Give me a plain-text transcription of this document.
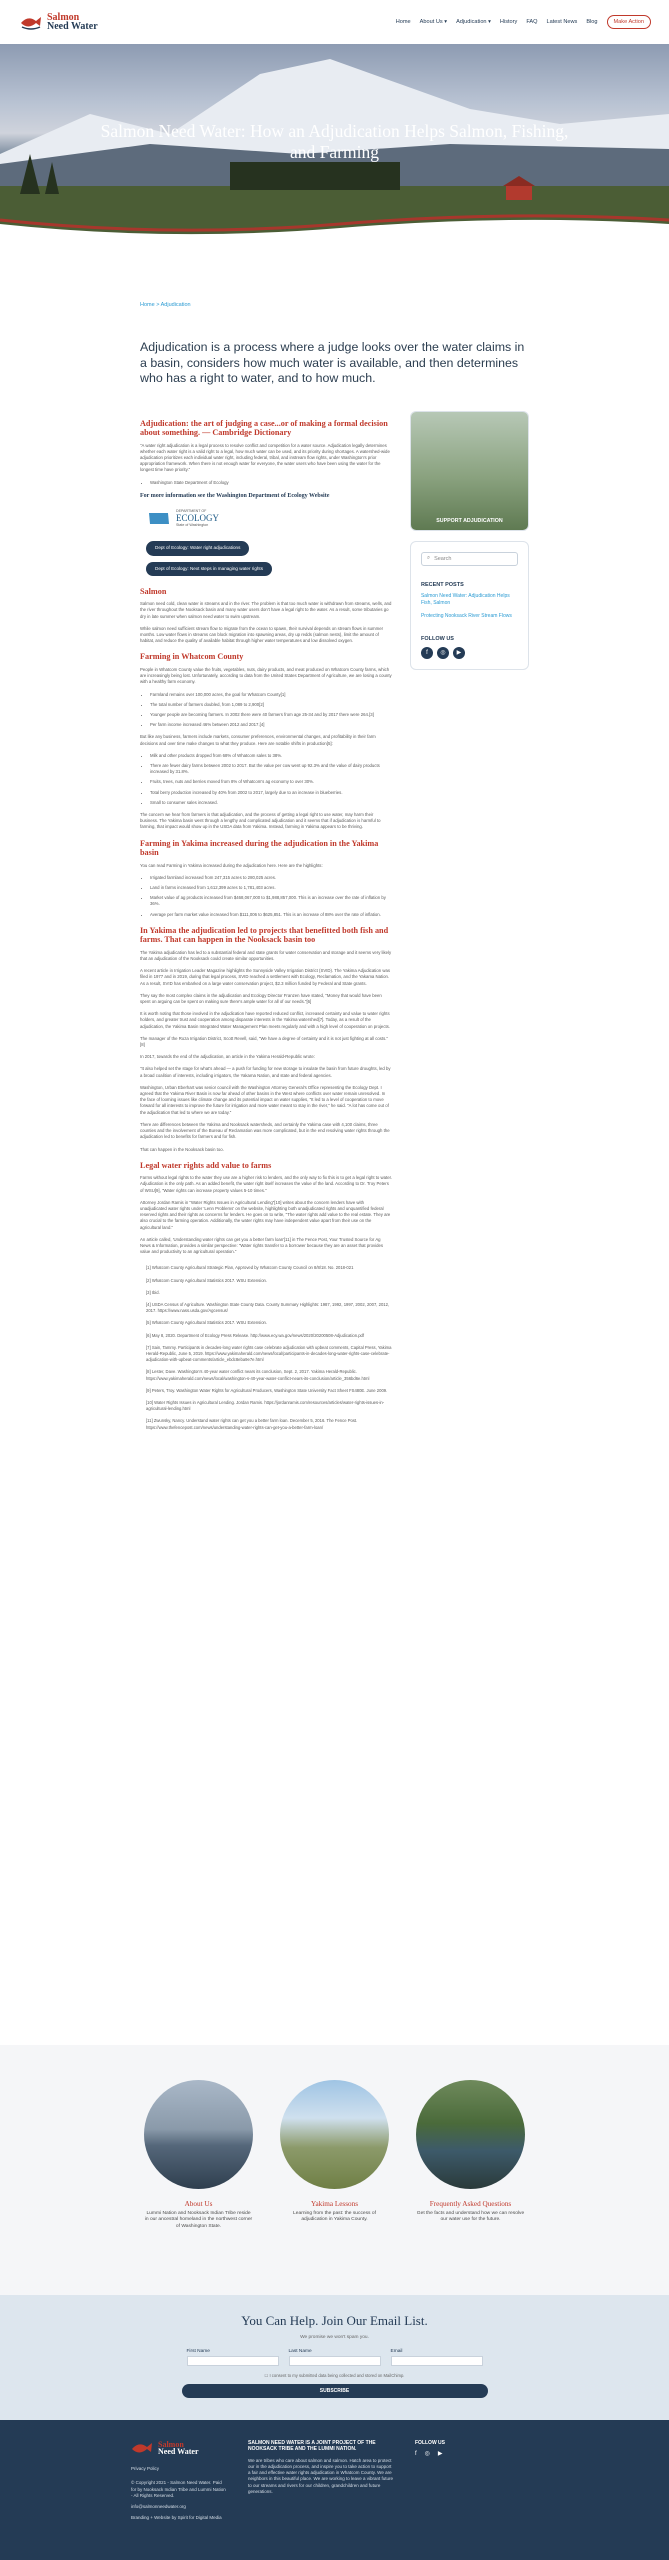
Salmon
Need Water	Home About Us ▾ Adjudication ▾ History FAQ Latest News Blog	Make Action
Salmon Need Water: How an Adjudication Helps Salmon, Fishing, and Farming
Home > Adjudication

Adjudication is a process where a judge looks over the water claims in a basin, considers how much water is available, and then determines who has a right to water, and to how much.

Adjudication: the art of judging a case...or of making a formal decision about something. — Cambridge Dictionary

"A water right adjudication is a legal process to resolve conflict and competition for a water source. Adjudication legally determines whether each water right is a valid right to a legal, how much water can be used, and its priority during shortages. A watershed-wide adjudication prioritizes each individual water right, including federal, tribal, and instream flow rights, under Washington's prior appropriation framework. When there is not enough water for everyone, the water users who have been using the water for the longest time have priority."

• Washington State Department of Ecology
For more information see the Washington Department of Ecology Website
DEPARTMENT OF
ECOLOGY
State of Washington
Dept of Ecology: Water right adjudications
Dept of Ecology: Next steps in managing water rights
Salmon

Salmon need cold, clean water in streams and in the river. The problem is that too much water is withdrawn from streams, wells, and the river throughout the Nooksack basin and many water users don't have a legal right to the water. As a result, some tributaries go dry in late summer when salmon need water to swim upstream.

While salmon need sufficient stream flow to migrate from the ocean to spawn, their survival depends on stream flows in summer months. Low water flows in streams can block migration into spawning areas, dry up redds (salmon nests), limit the amount of habitat, and reduce the quality of available habitat through higher water temperatures and low dissolved oxygen.

Farming in Whatcom County

People in Whatcom County value the fruits, vegetables, nuts, dairy products, and meat produced on Whatcom County farms, which are increasingly being lost. Unfortunately, according to data from the United States Department of Agriculture, we are losing a county with a healthy farm economy.

• Farmland remains over 100,000 acres, the goal for Whatcom County[1]
• The total number of farmers doubled, from 1,089 to 2,900[2]
• Younger people are becoming farmers. In 2002 there were 40 farmers from age 25-34 and by 2017 there were 264.[3]
• Per farm income increased 46% between 2012 and 2017.[4]

But like any business, farmers include markets, consumer preferences, environmental changes, and profitability in their farm decisions and over time make changes to what they produce. Here are notable shifts in production[5]:

• Milk and other products dropped from 68% of Whatcom sales to 38%.
• There are fewer dairy farms between 2002 to 2017. But the value per cow went up 92.3% and the value of dairy products increased by 31.8%.
• Fruits, trees, nuts and berries moved from 8% of Whatcom's ag economy to over 30%.
• Total berry production increased by 40% from 2002 to 2017, largely due to an increase in blueberries.
• Small to consumer sales increased.

The concern we hear from farmers is that adjudication, and the process of getting a legal right to use water, may harm their business. The Yakima basin went through a lengthy and complicated adjudication and it seems that if adjudication is harmful to farming, that impact would show up in the USDA data from Yakima. Instead, farming in Yakima appears to be thriving.

Farming in Yakima increased during the adjudication in the Yakima basin

You can read Farming in Yakima increased during the adjudication here. Here are the highlights:

• Irrigated farmland increased from 247,315 acres to 280,025 acres.
• Land in farms increased from 1,612,399 acres to 1,781,403 acres.
• Market value of ag products increased from $468,067,000 to $1,988,857,000. This is an increase over the rate of inflation by 36%.
• Average per farm market value increased from $111,006 to $625,851. This is an increase of 88% over the rate of inflation.
In Yakima the adjudication led to projects that benefitted both fish and farms. That can happen in the Nooksack basin too

The Yakima adjudication has led to a substantial federal and state grants for water conservation and storage and it seems very likely that an adjudication of the Nooksack could create similar opportunities.

A recent article in Irrigation Leader Magazine highlights the Sunnyside Valley Irrigation District (SVID). The Yakima Adjudication was filed in 1977 and in 2019, during that legal process, SVID reached a settlement with Ecology, Reclamation, and the Yakama Nation. As a result, SVID has embarked on a large water conservation project, $2.3 million funded by Federal and State grants.

They say the most complex claims in the adjudication and Ecology Director Franzen have stated, "Money that would have been spent on arguing can be spent on making sure there's ample water for all of our needs."[6]

It is worth noting that those involved in the adjudication have reported reduced conflict, increased certainty and value to water rights holders, and greater trust and cooperation among disparate interests in the Yakima watershed[7]. Today, as a result of the adjudication, the Yakima Basin Integrated Water Management Plan meets regularly and with a high level of cooperation on projects.

The manager of the Roza Irrigation District, Scott Revell, said, "We have a degree of certainty and it is not just fighting at all costs."[8]

In 2017, towards the end of the adjudication, an article in the Yakima Herald-Republic wrote:

"It also helped set the stage for what's ahead — a push for funding for new storage to insulate the basin from future droughts, led by a broad coalition of interests, including irrigators, the Yakama Nation, and state and federal agencies.

Washington, Urban Eberhart was senior council with the Washington Attorney General's Office representing the Ecology Dept. I agreed that the Yakima River Basin is now far ahead of other basins in the West where conflicts over water remain unresolved. In the face of looming issues like climate change and its potential impact on water supplies, "It led to a level of cooperation to move forward for all interests to improve the future for irrigation and more water meant to stay in the river," he said. "A lot has come out of the adjudication that led to where we are today."

There are differences between the Yakima and Nooksack watersheds, and certainly the Yakima case with 4,100 claims, three counties and the involvement of the Bureau of Reclamation was more complicated, but in the end resolving water rights through the adjudication led to benefits for farmers and for fish.

That can happen in the Nooksack basin too.

Legal water rights add value to farms

Farms without legal rights to the water they use are a higher risk to lenders, and the only way to fix this is to get a legal right to water. Adjudication is the only path. As an added benefit, the water right itself increases the value of the land. According to Dr. Troy Peters of WSU[9], "Water rights can increase property values 5-10 times."

Attorney Jordan Ramis in "Water Rights Issues in Agricultural Lending"[10] writes about the concern lenders have with unadjudicated water rights under 'Lenn Problems' on the website, highlighting both unadjudicated rights and unquantified federal reserved rights and their rights as concerns for lenders. He goes on to write, "The water rights add value to the real estate. They are also crucial to the farming operation. Additionally, the water rights may have independent value apart from their use on the agricultural land."

An article called, 'Understanding water rights can get you a better farm loan'[11] in The Fence Post, Your Trusted Source for Ag News & Information, provides a similar perspective: "Water rights transfer to a borrower because they are an asset that provides value and productivity to an agricultural operation."

[1] Whatcom County Agricultural Strategic Plan, Approved by Whatcom County Council on 8/8/18. No. 2018-021

[2] Whatcom County Agricultural Statistics 2017. WSU Extension.

[3] Ibid.

[4] USDA Census of Agriculture. Washington State County Data. County Summary Highlights: 1987, 1992, 1997, 2002, 2007, 2012, 2017. https://www.nass.usda.gov/Agcensus/

[5] Whatcom County Agricultural Statistics 2017. WSU Extension.

[6] May 8, 2020. Department of Ecology Press Release. http://www.ecy.wa.gov/news/2020/20200508-Adjudication.pdf

[7] Sain, Tammy. Participants in decades-long water rights case celebrate adjudication with upbeat comments, Capital Press, Yakima Herald-Republic, June 5, 2019. https://www.yakimaherald.com/news/local/participants-in-decades-long-water-rights-case-celebrate-adjudication-with-upbeat-comments/article_ebdc8eba9e7e.html

[8] Lester, Dave. Washington's 40-year water conflict nears its conclusion, Sept. 2, 2017. Yakima Herald-Republic. https://www.yakimaherald.com/news/local/washington-s-40-year-water-conflict-nears-its-conclusion/article_356bd6e.html

[9] Peters, Troy. Washington Water Rights for Agricultural Producers, Washington State University Fact Sheet FS480E. June 2009.

[10] Water Rights Issues in Agricultural Lending. Jordan Ramis. https://jordanramis.com/resources/articles/water-rights-issues-in-agricultural-lending.html

[11] Zwunsky, Nancy. Understand water rights can get you a better farm loan. December 5, 2016. The Fence Post. https://www.thefencepost.com/news/understanding-water-rights-can-get-you-a-better-farm-loan/

SUPPORT ADJUDICATION
⌕ Search
RECENT POSTS
Salmon Need Water: Adjudication Helps Fish, Salmon
Protecting Nooksack River Stream Flows
FOLLOW US
f	◎	▶
About Us

Lummi Nation and Nooksack Indian Tribe reside in our ancestral homeland in the northwest corner of Washington State.

Yakima Lessons

Learning from the past: the success of adjudication in Yakima County.

Frequently Asked Questions

Get the facts and understand how we can resolve our water use for the future.

You Can Help. Join Our Email List.
We promise we won't spam you.
First Name	Last Name	Email
☐ I consent to my submitted data being collected and stored on MailChimp.
SUBSCRIBE
Salmon
Need Water
Privacy Policy

© Copyright 2021 - Salmon Need Water. Paid for by Nooksack Indian Tribe and Lummi Nation - All Rights Reserved.

info@salmonneedwater.org

Branding + Website by Spirit for Digital Media

SALMON NEED WATER IS A JOINT PROJECT OF THE NOOKSACK TRIBE AND THE LUMMI NATION.

We are tribes who care about salmon and salmon. Hatch area to protect our in the adjudication process, and inspire you to take action to support a fair and effective water rights adjudication in Whatcom County. We are neighbors in this beautiful place. We are working to leave a vibrant future to our streams and rivers for our children, grandchildren and future generations.

FOLLOW US
f ◎ ▶
